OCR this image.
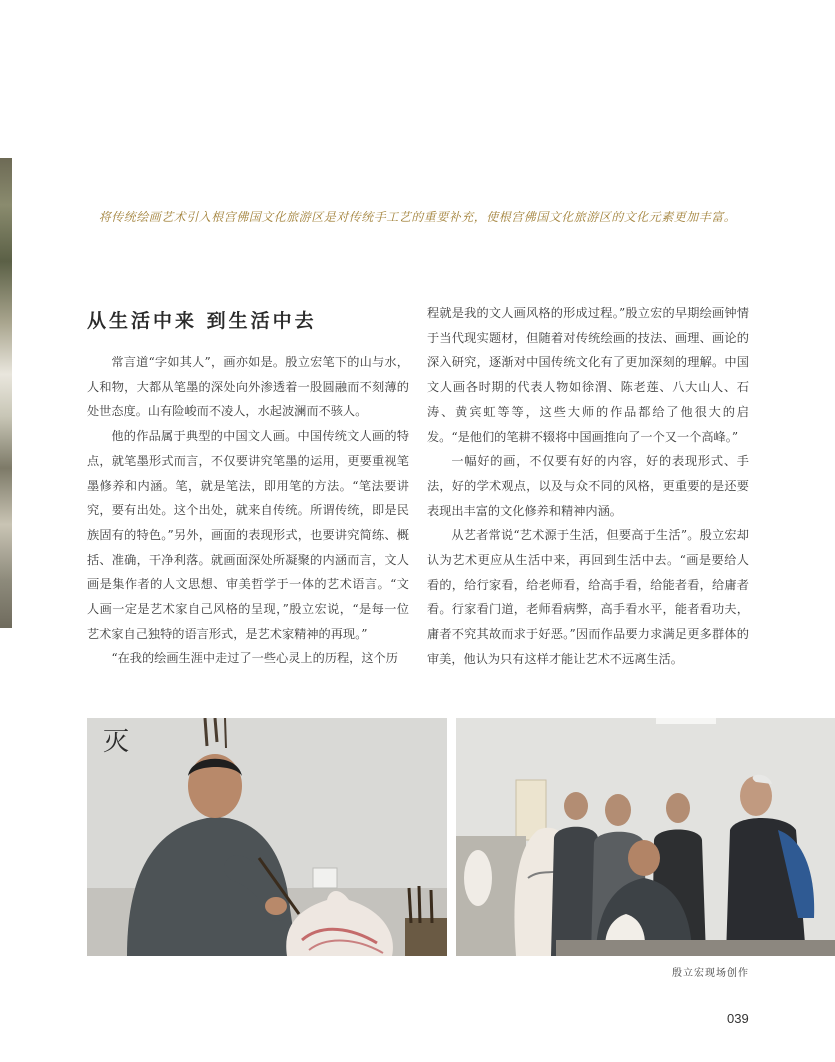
将传统绘画艺术引入根宫佛国文化旅游区是对传统手工艺的重要补充，使根宫佛国文化旅游区的文化元素更加丰富。
从生活中来 到生活中去

常言道“字如其人”，画亦如是。殷立宏笔下的山与水，人和物，大都从笔墨的深处向外渗透着一股圆融而不刻薄的处世态度。山有险峻而不凌人，水起波澜而不骇人。

他的作品属于典型的中国文人画。中国传统文人画的特点，就笔墨形式而言，不仅要讲究笔墨的运用，更要重视笔墨修养和内涵。笔，就是笔法，即用笔的方法。“笔法要讲究，要有出处。这个出处，就来自传统。所谓传统，即是民族固有的特色。”另外，画面的表现形式，也要讲究简练、概括、准确，干净利落。就画面深处所凝聚的内涵而言，文人画是集作者的人文思想、审美哲学于一体的艺术语言。“文人画一定是艺术家自己风格的呈现，”殷立宏说，“是每一位艺术家自己独特的语言形式，是艺术家精神的再现。”

“在我的绘画生涯中走过了一些心灵上的历程，这个历

程就是我的文人画风格的形成过程。”殷立宏的早期绘画钟情于当代现实题材，但随着对传统绘画的技法、画理、画论的深入研究，逐渐对中国传统文化有了更加深刻的理解。中国文人画各时期的代表人物如徐渭、陈老莲、八大山人、石涛、黄宾虹等等，这些大师的作品都给了他很大的启发。“是他们的笔耕不辍将中国画推向了一个又一个高峰。”

一幅好的画，不仅要有好的内容，好的表现形式、手法，好的学术观点，以及与众不同的风格，更重要的是还要表现出丰富的文化修养和精神内涵。

从艺者常说“艺术源于生活，但要高于生活”。殷立宏却认为艺术更应从生活中来，再回到生活中去。“画是要给人看的，给行家看，给老师看，给高手看，给能者看，给庸者看。行家看门道，老师看病弊，高手看水平，能者看功夫，庸者不究其故而求于好恶。”因而作品要力求满足更多群体的审美，他认为只有这样才能让艺术不远离生活。

灭
殷立宏现场创作
039
